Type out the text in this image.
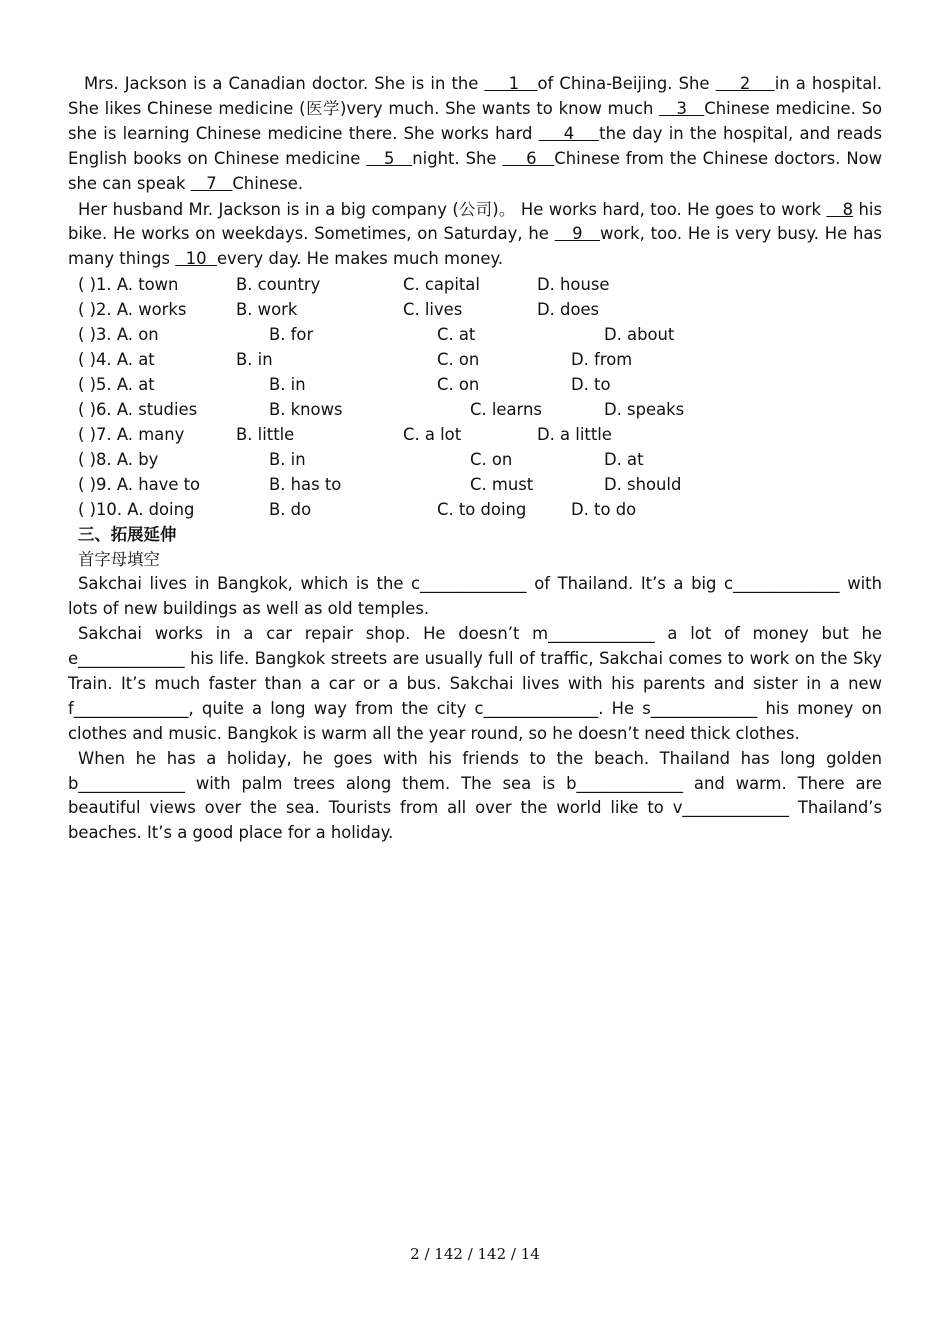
Mrs. Jackson is a Canadian doctor. She is in the     1   of China-Beijing. She     2    in a hospital. She likes Chinese medicine (医学)very much. She wants to know much    3   Chinese medicine. So she is learning Chinese medicine there. She works hard     4    the day in the hospital, and reads English books on Chinese medicine    5   night. She     6   Chinese from the Chinese doctors. Now she can speak    7   Chinese.

Her husband Mr. Jackson is in a big company (公司)。 He works hard, too. He goes to work    8 his bike. He works on weekdays. Sometimes, on Saturday, he    9   work, too. He is very busy. He has many things   10  every day. He makes much money.

( )1. A. town	B. country	C. capital	D. house
( )2. A. works	B. work	C. lives	D. does
( )3. A. on	B. for	C. at	D. about
( )4. A. at	B. in	C. on	D. from
( )5. A. at	B. in	C. on	D. to
( )6. A. studies	B. knows	C. learns	D. speaks
( )7. A. many	B. little	C. a lot	D. a little
( )8. A. by	B. in	C. on	D. at
( )9. A. have to	B. has to	C. must	D. should
( )10. A. doing	B. do	C. to doing	D. to do
三、拓展延伸
首字母填空

Sakchai lives in Bangkok, which is the c_____________ of Thailand. It’s a big c_____________ with lots of new buildings as well as old temples.

Sakchai works in a car repair shop. He doesn’t m_____________ a lot of money but he e_____________ his life. Bangkok streets are usually full of traffic, Sakchai comes to work on the Sky Train. It’s much faster than a car or a bus. Sakchai lives with his parents and sister in a new f______________, quite a long way from the city c______________. He s_____________ his money on clothes and music. Bangkok is warm all the year round, so he doesn’t need thick clothes.

When he has a holiday, he goes with his friends to the beach. Thailand has long golden b_____________ with palm trees along them. The sea is b_____________ and warm. There are beautiful views over the sea. Tourists from all over the world like to v_____________ Thailand’s beaches. It’s a good place for a holiday.

2 / 142 / 142 / 14
